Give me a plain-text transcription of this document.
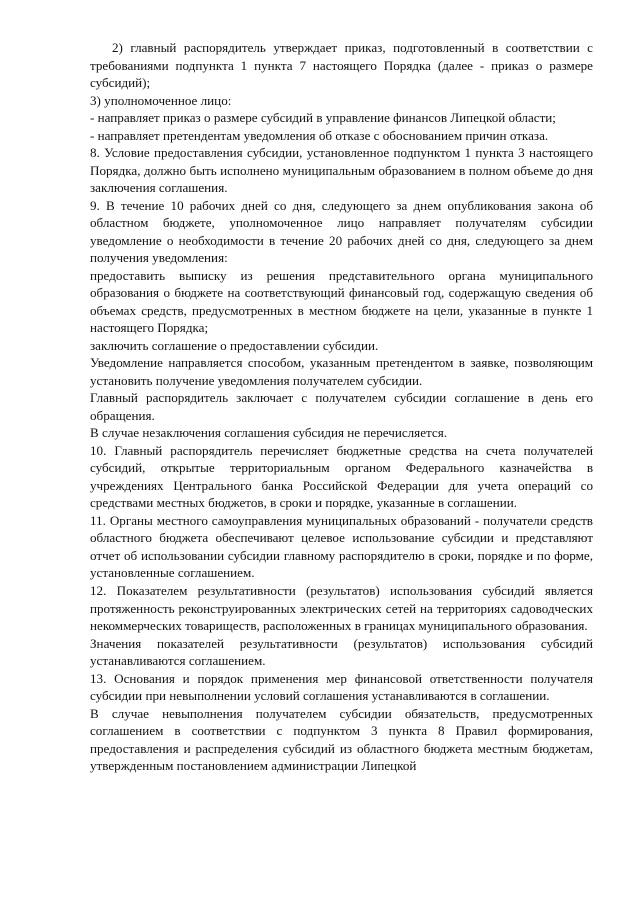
2) главный распорядитель утверждает приказ, подготовленный в соответствии с требованиями подпункта 1 пункта 7 настоящего Порядка (далее - приказ о размере субсидий);

3) уполномоченное лицо:

- направляет приказ о размере субсидий в управление финансов Липецкой области;

- направляет претендентам уведомления об отказе с обоснованием причин отказа.

8. Условие предоставления субсидии, установленное подпунктом 1 пункта 3 настоящего Порядка, должно быть исполнено муниципальным образованием в полном объеме до дня заключения соглашения.

9. В течение 10 рабочих дней со дня, следующего за днем опубликования закона об областном бюджете, уполномоченное лицо направляет получателям субсидии уведомление о необходимости в течение 20 рабочих дней со дня, следующего за днем получения уведомления:

предоставить выписку из решения представительного органа муниципального образования о бюджете на соответствующий финансовый год, содержащую сведения об объемах средств, предусмотренных в местном бюджете на цели, указанные в пункте 1 настоящего Порядка;

заключить соглашение о предоставлении субсидии.

Уведомление направляется способом, указанным претендентом в заявке, позволяющим установить получение уведомления получателем субсидии.

Главный распорядитель заключает с получателем субсидии соглашение в день его обращения.

В случае незаключения соглашения субсидия не перечисляется.

10. Главный распорядитель перечисляет бюджетные средства на счета получателей субсидий, открытые территориальным органом Федерального казначейства в учреждениях Центрального банка Российской Федерации для учета операций со средствами местных бюджетов, в сроки и порядке, указанные в соглашении.

11. Органы местного самоуправления муниципальных образований - получатели средств областного бюджета обеспечивают целевое использование субсидии и представляют отчет об использовании субсидии главному распорядителю в сроки, порядке и по форме, установленные соглашением.

12. Показателем результативности (результатов) использования субсидий является протяженность реконструированных электрических сетей на территориях садоводческих некоммерческих товариществ, расположенных в границах муниципального образования.

Значения показателей результативности (результатов) использования субсидий устанавливаются соглашением.

13. Основания и порядок применения мер финансовой ответственности получателя субсидии при невыполнении условий соглашения устанавливаются в соглашении.

В случае невыполнения получателем субсидии обязательств, предусмотренных соглашением в соответствии с подпунктом 3 пункта 8 Правил формирования, предоставления и распределения субсидий из областного бюджета местным бюджетам, утвержденным постановлением администрации Липецкой
